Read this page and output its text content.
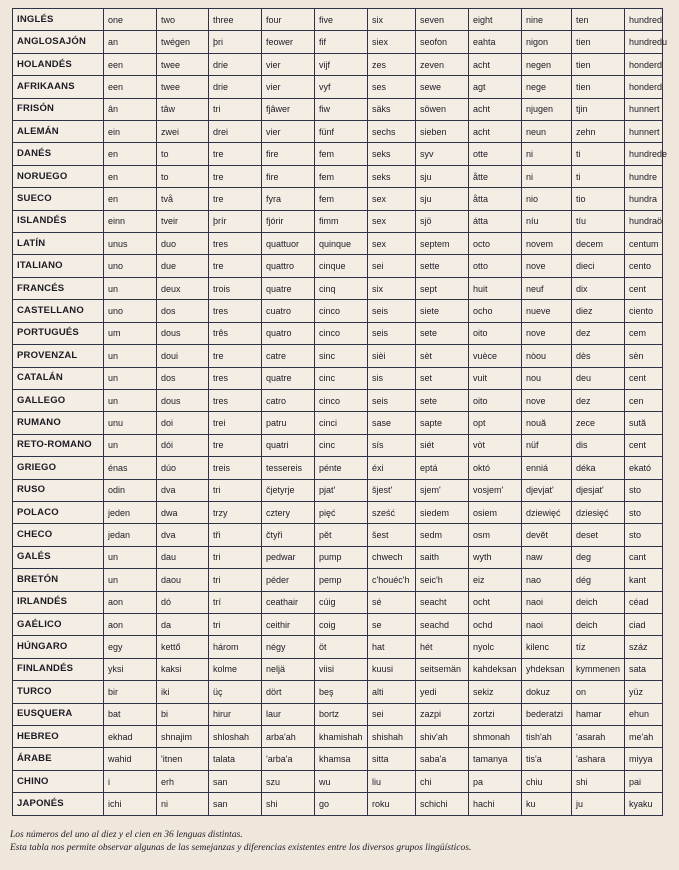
INGLÉS	one	two	three	four	five	six	seven	eight	nine	ten	hundred
ANGLOSAJÓN	an	twégen	þri	feower	fif	siex	seofon	eahta	nigon	tien	hundredu
HOLANDÉS	een	twee	drie	vier	vijf	zes	zeven	acht	negen	tien	honderd
AFRIKAANS	een	twee	drie	vier	vyf	ses	sewe	agt	nege	tien	honderd
FRISÓN	ân	tâw	tri	fjâwer	fiw	säks	söwen	acht	njugen	tjin	hunnert
ALEMÁN	ein	zwei	drei	vier	fünf	sechs	sieben	acht	neun	zehn	hunnert
DANÉS	en	to	tre	fire	fem	seks	syv	otte	ni	ti	hundrede
NORUEGO	en	to	tre	fire	fem	seks	sju	åtte	ni	ti	hundre
SUECO	en	två	tre	fyra	fem	sex	sju	åtta	nio	tio	hundra
ISLANDÉS	einn	tveir	þrír	fjórir	fimm	sex	sjö	átta	níu	tíu	hundraö
LATÍN	unus	duo	tres	quattuor	quinque	sex	septem	octo	novem	decem	centum
ITALIANO	uno	due	tre	quattro	cinque	sei	sette	otto	nove	dieci	cento
FRANCÉS	un	deux	trois	quatre	cinq	six	sept	huit	neuf	dix	cent
CASTELLANO	uno	dos	tres	cuatro	cinco	seis	siete	ocho	nueve	diez	ciento
PORTUGUÉS	um	dous	três	quatro	cinco	seis	sete	oito	nove	dez	cem
PROVENZAL	un	doui	tre	catre	sinc	sièi	sèt	vuèce	nòou	dès	sèn
CATALÁN	un	dos	tres	quatre	cinc	sis	set	vuit	nou	deu	cent
GALLEGO	un	dous	tres	catro	cinco	seis	sete	oito	nove	dez	cen
RUMANO	unu	doi	trei	patru	cinci	sase	sapte	opt	nouă	zece	sută
RETO-ROMANO	un	dói	tre	quatri	cinc	sís	siét	vòt	nüf	dis	cent
GRIEGO	énas	dúo	treis	tessereis	pénte	éxi	eptá	októ	enniá	déka	ekató
RUSO	odin	dva	tri	čjetyrje	pjat'	šjest'	sjem'	vosjem'	djevjat'	djesjat'	sto
POLACO	jeden	dwa	trzy	cztery	pięć	sześć	siedem	osiem	dziewięć	dziesięć	sto
CHECO	jedan	dva	tři	čtyři	pět	šest	sedm	osm	devět	deset	sto
GALÉS	un	dau	tri	pedwar	pump	chwech	saith	wyth	naw	deg	cant
BRETÓN	un	daou	tri	péder	pemp	c'houéc'h	seic'h	eiz	nao	dég	kant
IRLANDÉS	aon	dó	trí	ceathair	cúig	sé	seacht	ocht	naoi	deich	céad
GAÉLICO	aon	da	tri	ceithir	coig	se	seachd	ochd	naoi	deich	ciad
HÚNGARO	egy	kettő	három	négy	öt	hat	hét	nyolc	kilenc	tíz	száz
FINLANDÉS	yksi	kaksi	kolme	neljä	viisi	kuusi	seitsemän	kahdeksan	yhdeksan	kymmenen	sata
TURCO	bir	iki	üç	dört	beş	alti	yedi	sekiz	dokuz	on	yüz
EUSQUERA	bat	bi	hirur	laur	bortz	sei	zazpi	zortzi	bederatzi	hamar	ehun
HEBREO	ekhad	shnajim	shloshah	arba'ah	khamishah	shishah	shiv'ah	shmonah	tish'ah	'asarah	me'ah
ÁRABE	wahid	'itnen	talata	'arba'a	khamsa	sitta	saba'a	tamanya	tis'a	'ashara	miyya
CHINO	i	erh	san	szu	wu	liu	chi	pa	chiu	shi	pai
JAPONÉS	ichi	ni	san	shi	go	roku	schichi	hachi	ku	ju	kyaku
Los números del uno al diez y el cien en 36 lenguas distintas.
Esta tabla nos permite observar algunas de las semejanzas y diferencias existentes entre los diversos grupos lingüísticos.
